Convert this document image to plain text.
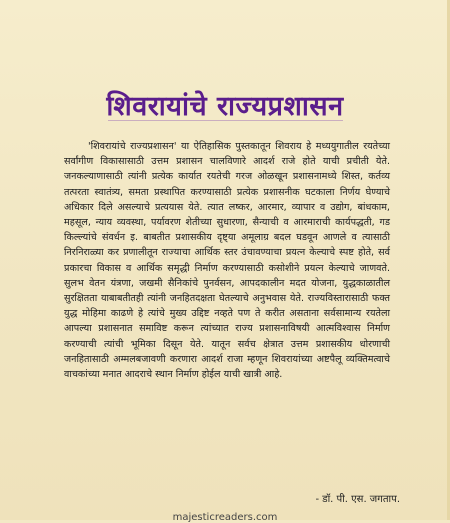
शिवरायांचे राज्यप्रशासन
'शिवरायांचे राज्यप्रशासन' या ऐतिहासिक पुस्तकातून शिवराय हे मध्ययुगातील रयतेच्या सर्वांगीण विकासासाठी उत्तम प्रशासन चालविणारे आदर्श राजे होते याची प्रचीती येते. जनकल्याणासाठी त्यांनी प्रत्येक कार्यात रयतेची गरज ओळखून प्रशासनामध्ये शिस्त, कर्तव्य तत्परता स्वातंत्र्य, समता प्रस्थापित करण्यासाठी प्रत्येक प्रशासनीक घटकाला निर्णय घेण्याचे अधिकार दिले असल्याचे प्रत्ययास येते. त्यात लष्कर, आरमार, व्यापार व उद्योग, बांधकाम, महसूल, न्याय व्यवस्था, पर्यावरण शेतीच्या सुधारणा, सैन्याची व आरमाराची कार्यपद्धती, गड किल्ल्यांचे संवर्धन इ. बाबतीत प्रशासकीय दृष्ट्या अमूलाग्र बदल घडवून आणले व त्यासाठी निरनिराळ्या कर प्रणालीतून राज्याचा आर्थिक स्तर उंचावण्याचा प्रयत्न केल्याचे स्पष्ट होते, सर्व प्रकारचा विकास व आर्थिक समृद्धी निर्माण करण्यासाठी कसोशीने प्रयत्न केल्याचे जाणवते. सुलभ वेतन यंत्रणा, जखमी सैनिकांचे पुनर्वसन, आपदकालीन मदत योजना, युद्धकाळातील सुरक्षितता याबाबतीतही त्यांनी जनहितदक्षता घेतल्याचे अनुभवास येते. राज्यविस्तारासाठी फक्त युद्ध मोहिमा काढणे हे त्यांचे मुख्य उद्दिष्ट नव्हते पण ते करीत असताना सर्वसामान्य रयतेला आपल्या प्रशासनात समाविष्ट करून त्यांच्यात राज्य प्रशासनाविषयी आत्मविश्वास निर्माण करण्याची त्यांची भूमिका दिसून येते. यातून सर्वच क्षेत्रात उत्तम प्रशासकीय धोरणाची जनहितासाठी अम्मलबजावणी करणारा आदर्श राजा म्हणून शिवरायांच्या अष्टपैलू व्यक्तिमत्वाचे वाचकांच्या मनात आदराचे स्थान निर्माण होईल याची खात्री आहे.
- डॉ. पी. एस. जगताप.
majesticreaders.com
